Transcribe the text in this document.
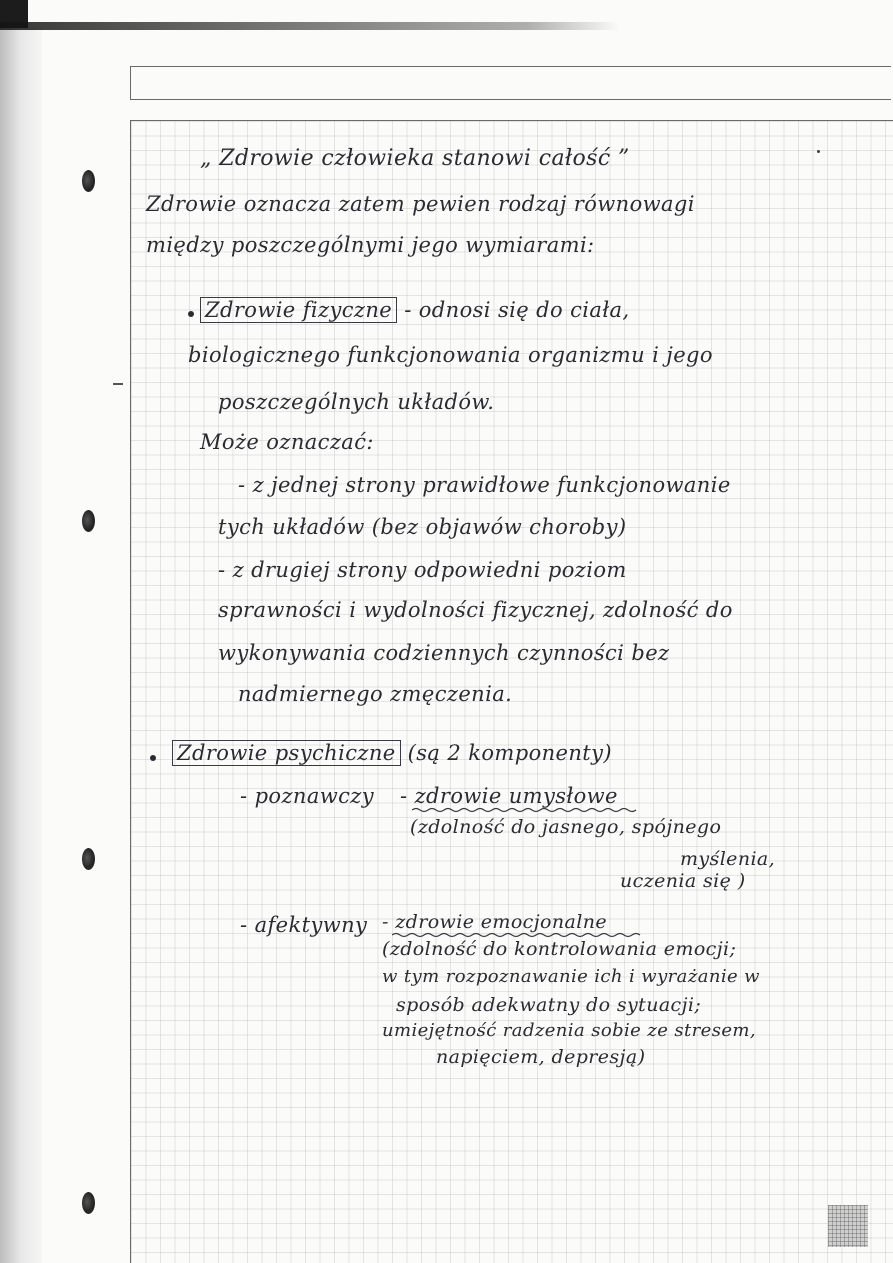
„ Zdrowie człowieka stanowi całość ”
Zdrowie oznacza zatem pewien rodzaj równowagi
między poszczególnymi jego wymiarami:
Zdrowie fizyczne - odnosi się do ciała,
biologicznego funkcjonowania organizmu i jego
poszczególnych układów.
Może oznaczać:
- z jednej strony prawidłowe funkcjonowanie
tych układów (bez objawów choroby)
- z drugiej strony odpowiedni poziom
sprawności i wydolności fizycznej, zdolność do
wykonywania codziennych czynności bez
nadmiernego zmęczenia.
Zdrowie psychiczne (są 2 komponenty)
- poznawczy - zdrowie umysłowe
(zdolność do jasnego, spójnego
myślenia,
uczenia się )
- afektywny - zdrowie emocjonalne
(zdolność do kontrolowania emocji;
w tym rozpoznawanie ich i wyrażanie w
sposób adekwatny do sytuacji;
umiejętność radzenia sobie ze stresem,
napięciem, depresją)
